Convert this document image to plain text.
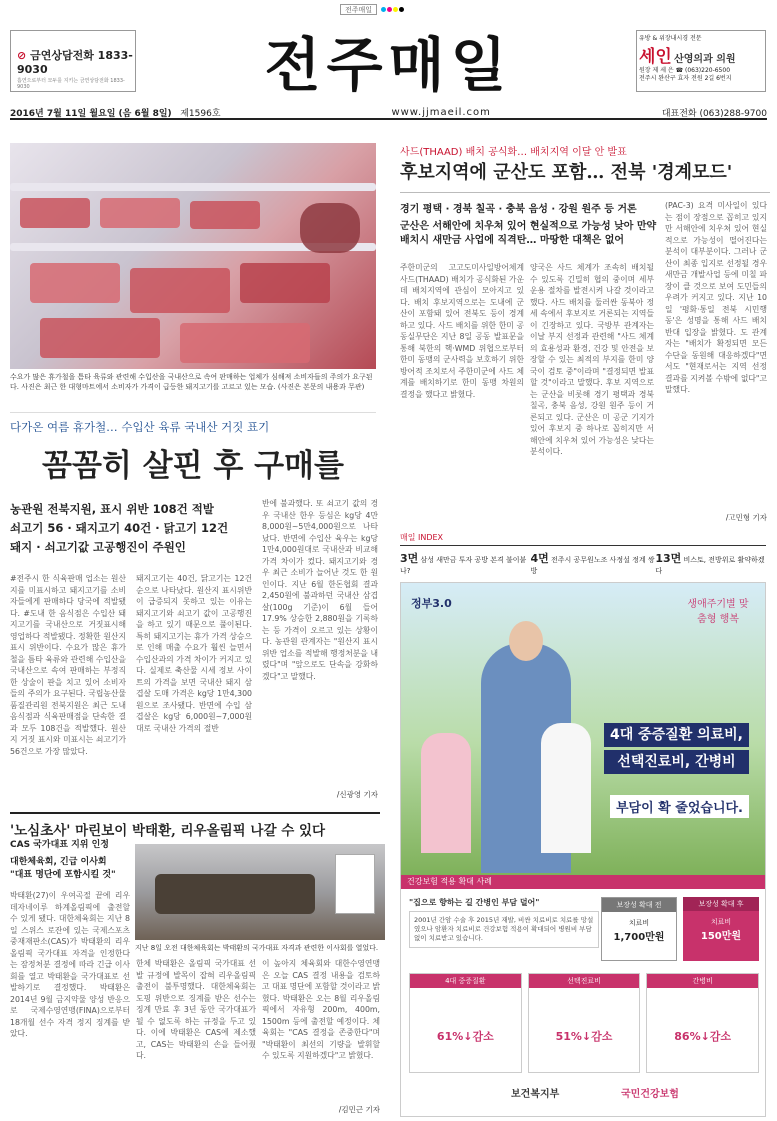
전주매일

⊘ 금연상담전화 1833-9030
흡연으로부터 모두를 지키는 금연상담전화 1833-9030	전주매일	유방 & 위장내시경 전문
세인 산영의과 의원
원장 제 세 은 ☎ (063)220-6500
전주시 완산구 효자 전원 2길 6번지
2016년 7월 11일 월요일 (음 6월 8일) 제1596호	www.jjmaeil.com	대표전화 (063)288-9700
수요가 많은 휴가철을 틈타 육류와 관련해 수입산을 국내산으로 속여 판매하는 업체가 심해져 소비자들의 주의가 요구된다. 사진은 최근 한 대형마트에서 소비자가 가격이 급등한 돼지고기를 고르고 있는 모습. (사진은 본문의 내용과 무관)
다가온 여름 휴가철… 수입산 육류 국내산 거짓 표기
꼼꼼히 살핀 후 구매를
농관원 전북지원, 표시 위반 108건 적발
쇠고기 56 · 돼지고기 40건 · 닭고기 12건
돼지 · 쇠고기값 고공행진이 주원인
#전주시 한 식육판매 업소는 원산지를 미표시하고 돼지고기를 소비자들에게 판매하다 당국에 적발됐다. #도내 한 음식점은 수입산 돼지고기를 국내산으로 거짓표시해 영업하다 적발됐다. 정확한 원산지 표시 위반이다. 수요가 많은 휴가철을 틈타 육류와 관련해 수입산을 국내산으로 속여 판매하는 부정직한 상술이 판을 치고 있어 소비자들의 주의가 요구된다. 국립농산물품질관리원 전북지원은 최근 도내 음식점과 식육판매점을 단속한 결과 모두 108건을 적발했다. 원산지 거짓 표시와 미표시는 쇠고기가 56건으로 가장 많았다.
돼지고기는 40건, 닭고기는 12건 순으로 나타났다. 원산지 표시위반이 급증되지 못하고 있는 이유는 돼지고기와 쇠고기 값이 고공행진을 하고 있기 때문으로 풀이된다. 특히 돼지고기는 휴가 가격 상승으로 인해 매출 수요가 훨씬 늘면서 수입산과의 가격 차이가 커지고 있다. 실제로 축산물 시세 정보 사이트의 가격을 보면 국내산 돼지 삼겹살 도매 가격은 kg당 1만4,300원으로 조사됐다. 반면에 수입 삼겹살은 kg당 6,000원~7,000원대로 국내산 가격의 절반
반에 불과했다. 또 쇠고기 값의 경우 국내산 한우 등심은 kg당 4만8,000원~5만4,000원으로 나타났다. 반면에 수입산 육우는 kg당 1만4,000원대로 국내산과 비교해 가격 차이가 컸다. 돼지고기와 경우 최근 소비가 늘어난 것도 한 원인이다. 지난 6월 한돈협회 결과 2,450원에 불과하던 국내산 삼겹살(100g 기준)이 6월 들어 17.9% 상승한 2,880원을 기록하는 등 가격이 오르고 있는 상황이다. 농관원 관계자는 "원산지 표시 위반 업소를 적발해 행정처분을 내렸다"며 "앞으로도 단속을 강화하겠다"고 말했다.
/신광영 기자
사드(THAAD) 배치 공식화… 배치지역 이달 안 발표
후보지역에 군산도 포함… 전북 '경계모드'
경기 평택 · 경북 칠곡 · 충북 음성 · 강원 원주 등 거론
군산은 서해안에 치우쳐 있어 현실적으로 가능성 낮아 만약 배치시 새만금 사업에 직격탄… 마땅한 대책은 없어
주한미군의 고고도미사일방어체계 사드(THAAD) 배치가 공식화된 가운데 배치지역에 관심이 모아지고 있다. 배치 후보지역으로는 도내에 군산이 포함돼 있어 전북도 등이 경계하고 있다. 사드 배치를 위한 한미 공동실무단은 지난 8일 공동 발표문을 통해 북한의 핵·WMD 위협으로부터 한미 동맹의 군사력을 보호하기 위한 방어적 조치로서 주한미군에 사드 체계를 배치하기로 한미 동맹 차원의 결정을 했다고 밝혔다.
양국은 사드 체계가 조속히 배치될 수 있도록 긴밀히 협의 중이며 세부 운용 절차를 발전시켜 나갈 것이라고 했다. 사드 배치를 둘러싼 동북아 정세 속에서 후보지로 거론되는 지역들이 긴장하고 있다. 국방부 관계자는 이날 부지 선정과 관련해 "사드 체계의 효용성과 환경, 건강 및 안전을 보장할 수 있는 최적의 부지를 한미 양국이 검토 중"이라며 "결정되면 발표할 것"이라고 말했다. 후보 지역으로는 군산을 비롯해 경기 평택과 경북 칠곡, 충북 음성, 강원 원주 등이 거론되고 있다. 군산은 미 공군 기지가 있어 후보지 중 하나로 꼽히지만 서해안에 치우쳐 있어 가능성은 낮다는 분석이다.
(PAC-3) 요격 미사일이 있다는 점이 장점으로 꼽히고 있지만 서해안에 치우쳐 있어 현실적으로 가능성이 떨어진다는 분석이 대부분이다. 그러나 군산이 최종 입지로 선정될 경우 새만금 개발사업 등에 미칠 파장이 클 것으로 보여 도민들의 우려가 커지고 있다. 지난 10일 '평화·통일 전북 시민행동'은 성명을 통해 사드 배치 반대 입장을 밝혔다. 도 관계자는 "배치가 확정되면 모든 수단을 동원해 대응하겠다"면서도 "현재로서는 지역 선정 결과를 지켜볼 수밖에 없다"고 말했다.
/고민형 기자
매일 INDEX
3면 삼성 새만금 투자 공방 본격 불이붙나?
4면 전주시 공무원노조 사정설 정계 쌍방
13면 비스토, 전방위로 활약하겠다
정부3.0	생애주기별 맞춤형 행복
4대 중증질환 의료비,
선택진료비, 간병비
부담이 확 줄었습니다.
건강보험 적용 확대 사례
"집으로 향하는 길 간병인 부담 덜어"
2001년 간암 수술 후 2015년 재발, 비싼 치료비로 치료를 망설였으나 암환자 치료비로 건강보험 적용이 확대되어 병원비 부담없이 치료받고 있습니다.
보장성 확대 전
치료비
1,700만원
보장성 확대 후
치료비
150만원
4대 중증질환
61%↓감소
선택진료비
51%↓감소
간병비
86%↓감소
보건복지부	국민건강보험
'노심초사' 마린보이 박태환, 리우올림픽 나갈 수 있다
CAS 국가대표 지위 인정
대한체육회, 긴급 이사회
"대표 명단에 포함시킬 것"
지난 8일 오전 대한체육회는 박태환의 국가대표 자격과 관련한 이사회를 열었다.
박태환(27)이 우여곡절 끝에 리우데자네이루 하계올림픽에 출전할 수 있게 됐다. 대한체육회는 지난 8일 스위스 로잔에 있는 국제스포츠중재재판소(CAS)가 박태환의 리우올림픽 국가대표 자격을 인정한다는 잠정처분 결정에 따라 긴급 이사회를 열고 박태환을 국가대표로 선발하기로 결정했다. 박태환은 2014년 9월 금지약물 양성 반응으로 국제수영연맹(FINA)으로부터 18개월 선수 자격 정지 징계를 받았다.
한체 박태환은 올림픽 국가대표 선발 규정에 발목이 잡혀 리우올림픽 출전이 불투명했다. 대한체육회는 도핑 위반으로 징계를 받은 선수는 징계 만료 후 3년 동안 국가대표가 될 수 없도록 하는 규정을 두고 있다. 이에 박태환은 CAS에 제소했고, CAS는 박태환의 손을 들어줬다.
이 높아지 체육회와 대한수영연맹은 오늘 CAS 결정 내용을 검토하고 대표 명단에 포함할 것이라고 밝혔다. 박태환은 오는 8월 리우올림픽에서 자유형 200m, 400m, 1500m 등에 출전할 예정이다. 체육회는 "CAS 결정을 존중한다"며 "박태환이 최선의 기량을 발휘할 수 있도록 지원하겠다"고 밝혔다.
/김민근 기자
